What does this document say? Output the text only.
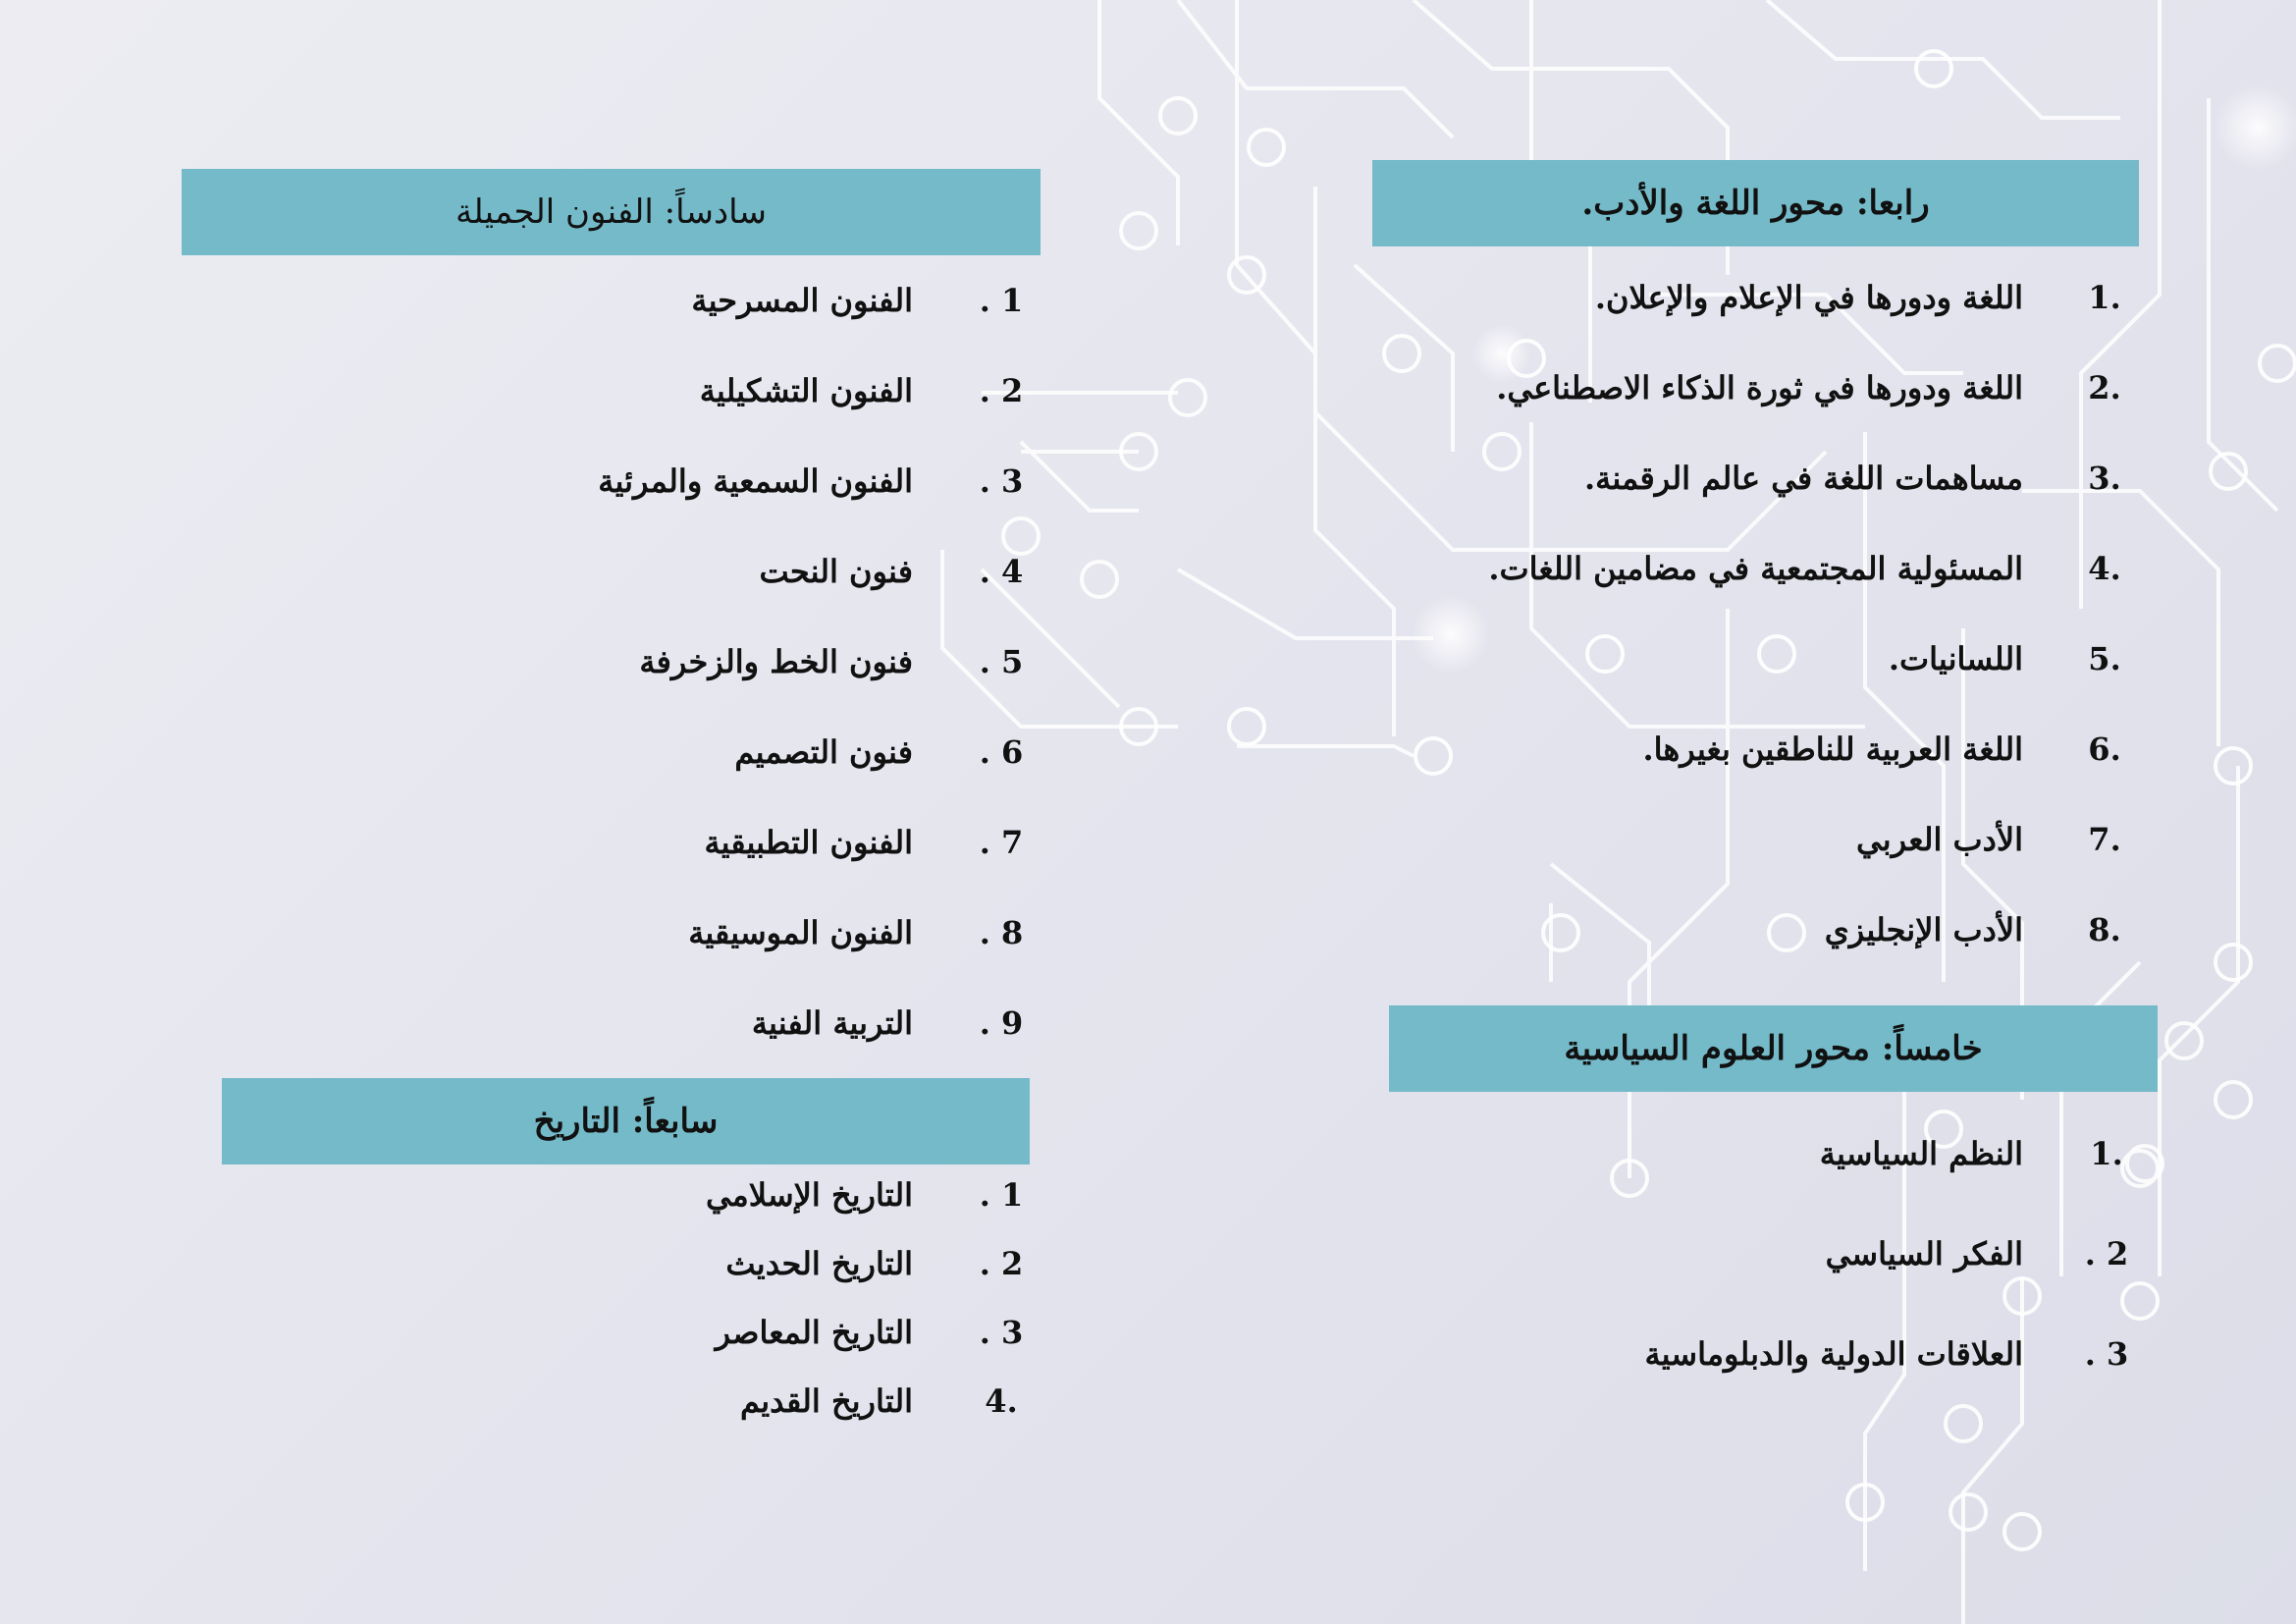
رابعا: محور اللغة والأدب.
.1
اللغة ودورها في الإعلام والإعلان.
.2
اللغة ودورها في ثورة الذكاء الاصطناعي.
.3
مساهمات اللغة في عالم الرقمنة.
.4
المسئولية المجتمعية في مضامين اللغات.
.5
اللسانيات.
.6
اللغة العربية للناطقين بغيرها.
.7
الأدب العربي
.8
الأدب الإنجليزي
خامساً: محور العلوم السياسية
.1
النظم السياسية
2 .
الفكر السياسي
3 .
العلاقات الدولية والدبلوماسية
سادساً: الفنون الجميلة
1 .
الفنون المسرحية
2 .
الفنون التشكيلية
3 .
الفنون السمعية والمرئية
4 .
فنون النحت
5 .
فنون الخط والزخرفة
6 .
فنون التصميم
7 .
الفنون التطبيقية
8 .
الفنون الموسيقية
9 .
التربية الفنية
سابعاً: التاريخ
1 .
التاريخ الإسلامي
2 .
التاريخ الحديث
3 .
التاريخ المعاصر
.4
التاريخ القديم
